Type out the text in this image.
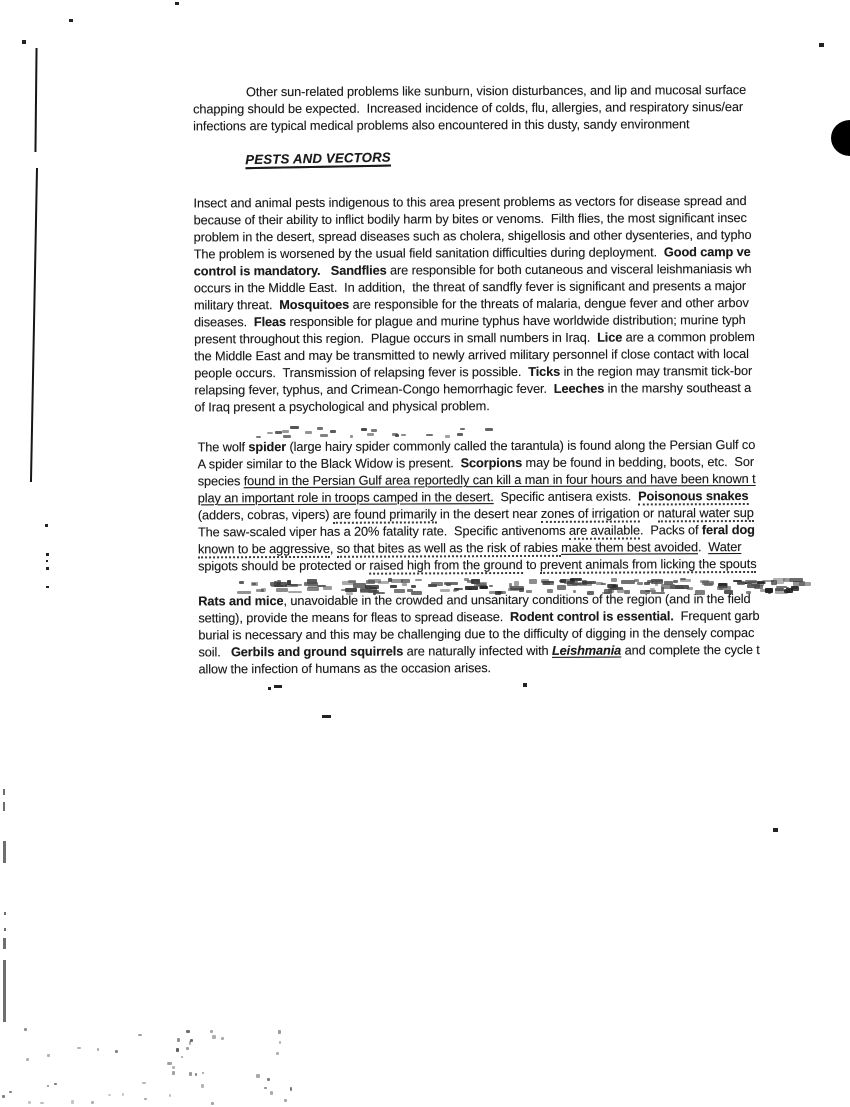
Other sun-related problems like sunburn, vision disturbances, and lip and mucosal surface
chapping should be expected.  Increased incidence of colds, flu, allergies, and respiratory sinus/ear
infections are typical medical problems also encountered in this dusty, sandy environment
PESTS AND VECTORS
Insect and animal pests indigenous to this area present problems as vectors for disease spread and
because of their ability to inflict bodily harm by bites or venoms.  Filth flies, the most significant insec
problem in the desert, spread diseases such as cholera, shigellosis and other dysenteries, and typho
The problem is worsened by the usual field sanitation difficulties during deployment.  Good camp ve
control is mandatory. Sandflies are responsible for both cutaneous and visceral leishmaniasis wh
occurs in the Middle East.  In addition,  the threat of sandfly fever is significant and presents a major
military threat.  Mosquitoes are responsible for the threats of malaria, dengue fever and other arbov
diseases.  Fleas responsible for plague and murine typhus have worldwide distribution; murine typh
present throughout this region.  Plague occurs in small numbers in Iraq.  Lice are a common problem
the Middle East and may be transmitted to newly arrived military personnel if close contact with local
people occurs.  Transmission of relapsing fever is possible.  Ticks in the region may transmit tick-bor
relapsing fever, typhus, and Crimean-Congo hemorrhagic fever.  Leeches in the marshy southeast a
of Iraq present a psychological and physical problem.
The wolf spider (large hairy spider commonly called the tarantula) is found along the Persian Gulf co
A spider similar to the Black Widow is present.  Scorpions may be found in bedding, boots, etc.  Sor
species found in the Persian Gulf area reportedly can kill a man in four hours and have been known t
play an important role in troops camped in the desert.  Specific antisera exists.  Poisonous snakes
(adders, cobras, vipers) are found primarily in the desert near zones of irrigation or natural water sup
The saw-scaled viper has a 20% fatality rate.  Specific antivenoms are available.  Packs of feral dog
known to be aggressive, so that bites as well as the risk of rabies make them best avoided.  Water
spigots should be protected or raised high from the ground to prevent animals from licking the spouts
Rats and mice, unavoidable in the crowded and unsanitary conditions of the region (and in the field
setting), provide the means for fleas to spread disease.  Rodent control is essential.  Frequent garb
burial is necessary and this may be challenging due to the difficulty of digging in the densely compac
soil.   Gerbils and ground squirrels are naturally infected with Leishmania and complete the cycle t
allow the infection of humans as the occasion arises.
